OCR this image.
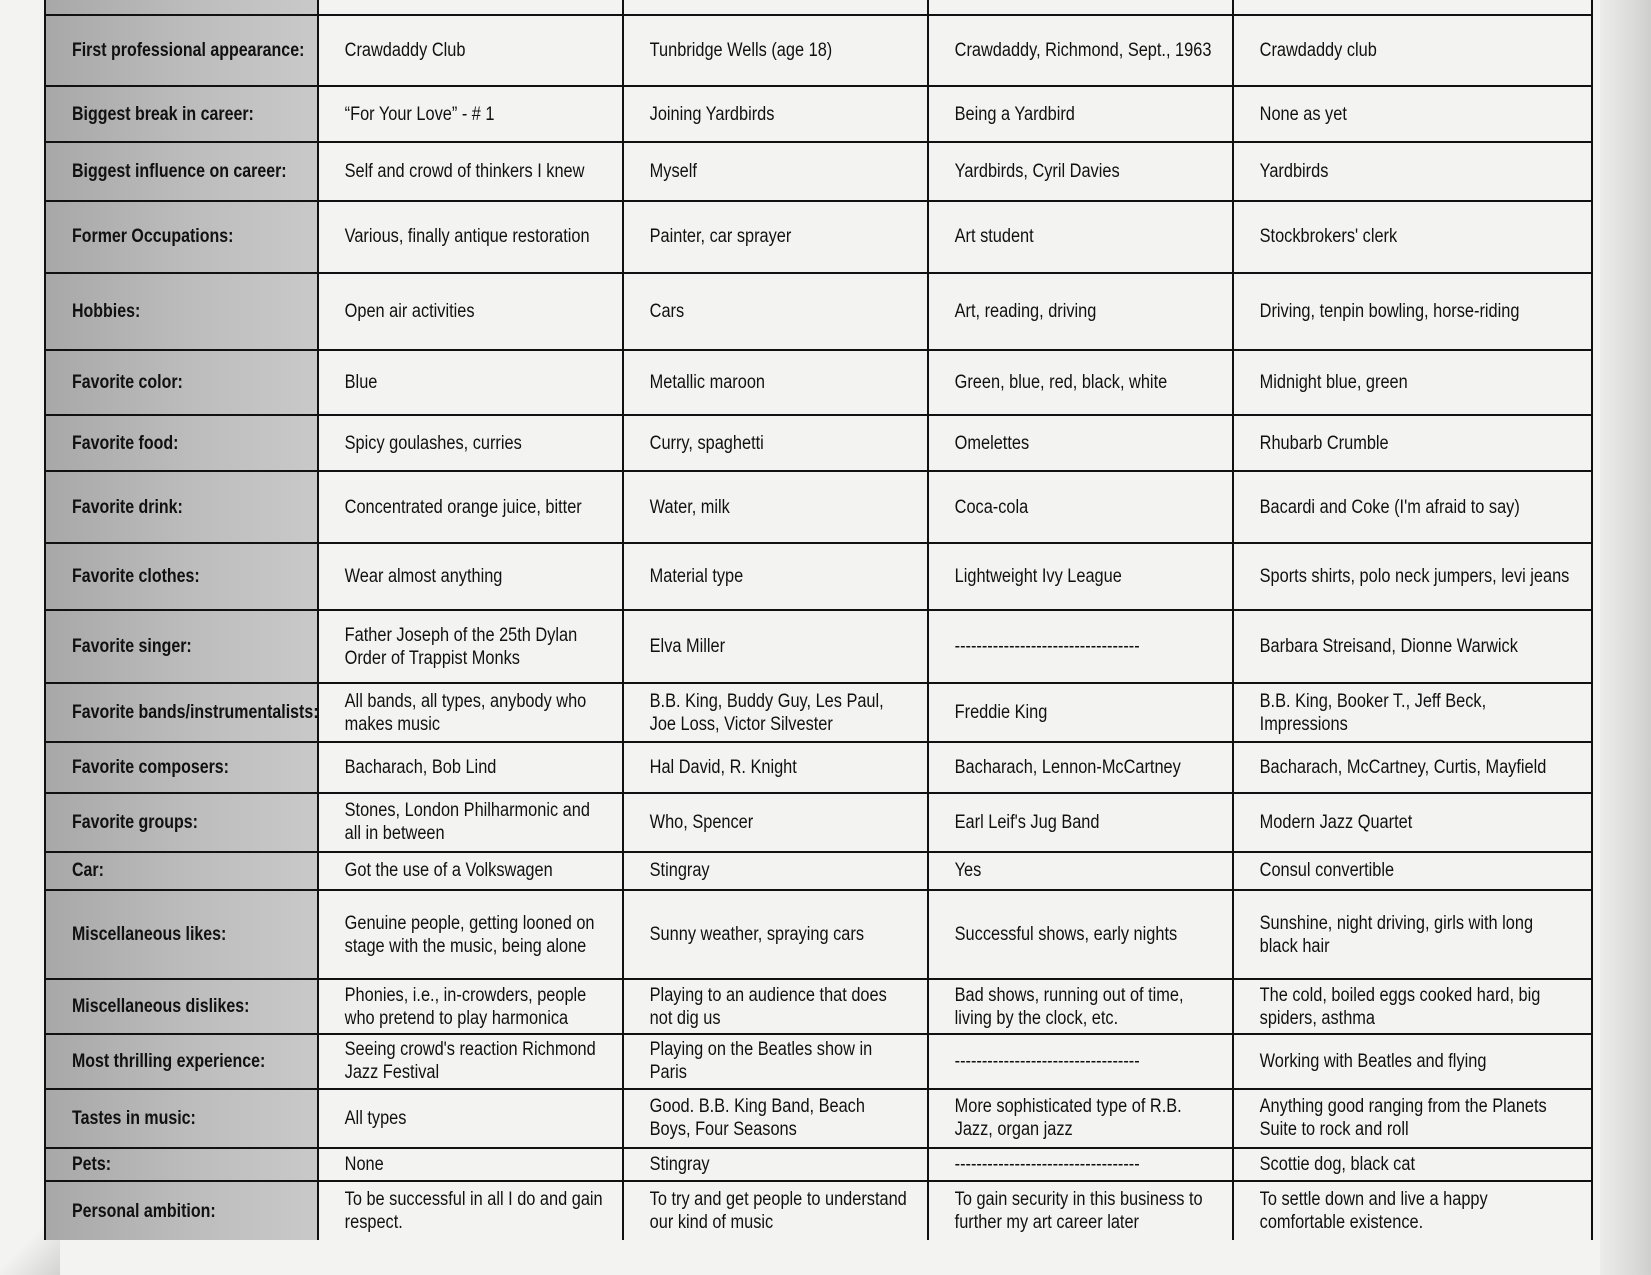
First professional appearance:	Crawdaddy Club	Tunbridge Wells (age 18)	Crawdaddy, Richmond, Sept., 1963	Crawdaddy club

Biggest break in career:	“For Your Love” - # 1	Joining Yardbirds	Being a Yardbird	None as yet

Biggest influence on career:	Self and crowd of thinkers I knew	Myself	Yardbirds, Cyril Davies	Yardbirds

Former Occupations:	Various, finally antique restoration	Painter, car sprayer	Art student	Stockbrokers' clerk

Hobbies:	Open air activities	Cars	Art, reading, driving	Driving, tenpin bowling, horse-riding

Favorite color:	Blue	Metallic maroon	Green, blue, red, black, white	Midnight blue, green

Favorite food:	Spicy goulashes, curries	Curry, spaghetti	Omelettes	Rhubarb Crumble

Favorite drink:	Concentrated orange juice, bitter	Water, milk	Coca-cola	Bacardi and Coke (I'm afraid to say)

Favorite clothes:	Wear almost anything	Material type	Lightweight Ivy League	Sports shirts, polo neck jumpers, levi jeans

Favorite singer:	Father Joseph of the 25th Dylan Order of Trappist Monks	Elva Miller	----------------------------------	Barbara Streisand, Dionne Warwick

Favorite bands/instrumentalists:	All bands, all types, anybody who makes music	B.B. King, Buddy Guy, Les Paul, Joe Loss, Victor Silvester	Freddie King	B.B. King, Booker T., Jeff Beck, Impressions

Favorite composers:	Bacharach, Bob Lind	Hal David, R. Knight	Bacharach, Lennon-McCartney	Bacharach, McCartney, Curtis, Mayfield

Favorite groups:	Stones, London Philharmonic and all in between	Who, Spencer	Earl Leif's Jug Band	Modern Jazz Quartet

Car:	Got the use of a Volkswagen	Stingray	Yes	Consul convertible

Miscellaneous likes:	Genuine people, getting looned on stage with the music, being alone	Sunny weather, spraying cars	Successful shows, early nights	Sunshine, night driving, girls with long black hair

Miscellaneous dislikes:	Phonies, i.e., in-crowders, people who pretend to play harmonica	Playing to an audience that does not dig us	Bad shows, running out of time, living by the clock, etc.	The cold, boiled eggs cooked hard, big spiders, asthma

Most thrilling experience:	Seeing crowd's reaction Richmond Jazz Festival	Playing on the Beatles show in Paris	----------------------------------	Working with Beatles and flying

Tastes in music:	All types	Good. B.B. King Band, Beach Boys, Four Seasons	More sophisticated type of R.B. Jazz, organ jazz	Anything good ranging from the Planets Suite to rock and roll

Pets:	None	Stingray	----------------------------------	Scottie dog, black cat

Personal ambition:	To be successful in all I do and gain respect.	To try and get people to understand our kind of music	To gain security in this business to further my art career later	To settle down and live a happy comfortable existence.
